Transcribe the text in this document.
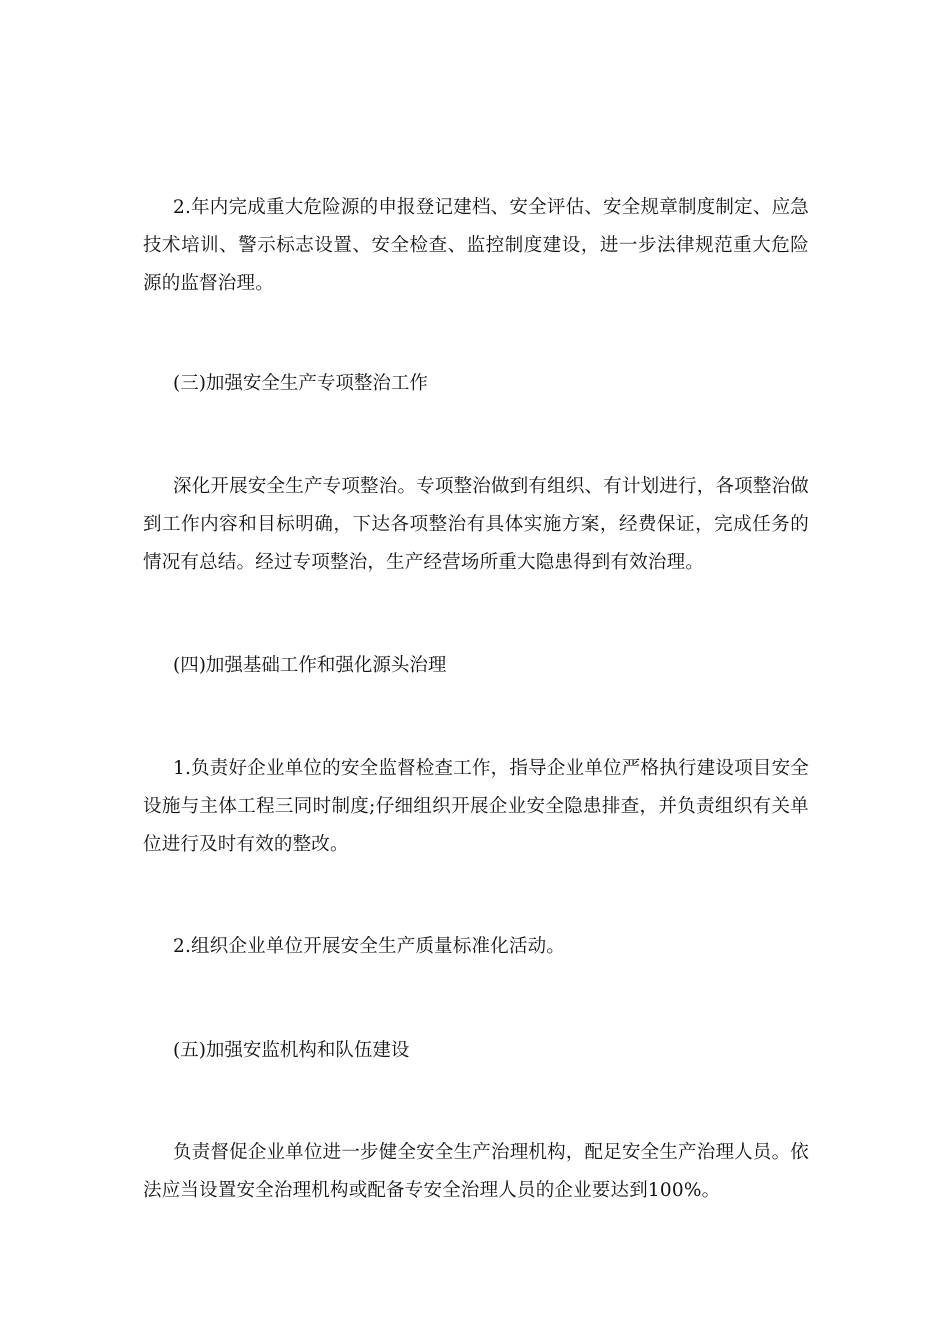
2.年内完成重大危险源的申报登记建档、安全评估、安全规章制度制定、应急技术培训、警示标志设置、安全检查、监控制度建设，进一步法律规范重大危险源的监督治理。

(三)加强安全生产专项整治工作

深化开展安全生产专项整治。专项整治做到有组织、有计划进行，各项整治做到工作内容和目标明确，下达各项整治有具体实施方案，经费保证，完成任务的情况有总结。经过专项整治，生产经营场所重大隐患得到有效治理。

(四)加强基础工作和强化源头治理

1.负责好企业单位的安全监督检查工作，指导企业单位严格执行建设项目安全设施与主体工程三同时制度;仔细组织开展企业安全隐患排查，并负责组织有关单位进行及时有效的整改。

2.组织企业单位开展安全生产质量标准化活动。

(五)加强安监机构和队伍建设

负责督促企业单位进一步健全安全生产治理机构，配足安全生产治理人员。依法应当设置安全治理机构或配备专安全治理人员的企业要达到100%。
